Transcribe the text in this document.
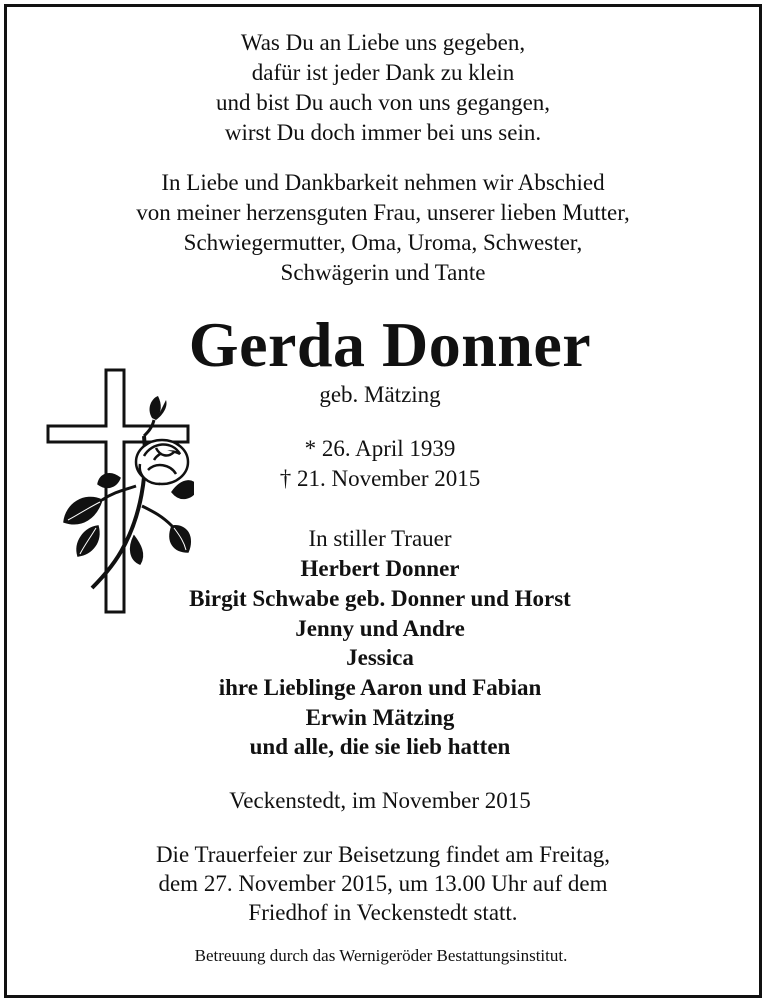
Was Du an Liebe uns gegeben,
dafür ist jeder Dank zu klein
und bist Du auch von uns gegangen,
wirst Du doch immer bei uns sein.
In Liebe und Dankbarkeit nehmen wir Abschied
von meiner herzensguten Frau, unserer lieben Mutter,
Schwiegermutter, Oma, Uroma, Schwester,
Schwägerin und Tante
Gerda Donner
geb. Mätzing
* 26. April 1939
† 21. November 2015
In stiller Trauer
Herbert Donner
Birgit Schwabe geb. Donner und Horst
Jenny und Andre
Jessica
ihre Lieblinge Aaron und Fabian
Erwin Mätzing
und alle, die sie lieb hatten
Veckenstedt, im November 2015
Die Trauerfeier zur Beisetzung findet am Freitag,
dem 27. November 2015, um 13.00 Uhr auf dem
Friedhof in Veckenstedt statt.
Betreuung durch das Wernigeröder Bestattungsinstitut.
